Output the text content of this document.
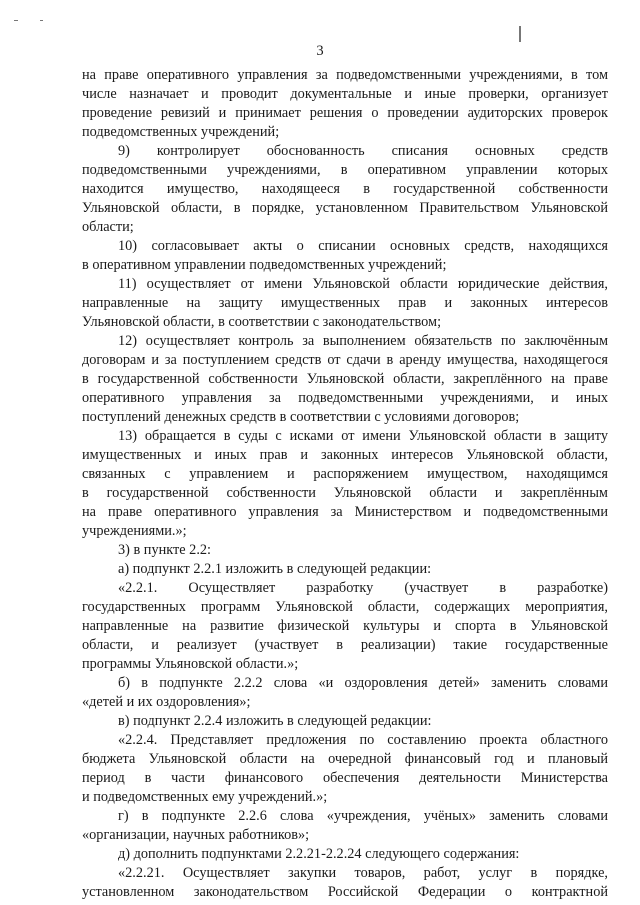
3
на праве оперативного управления за подведомственными учреждениями, в том
числе назначает и проводит документальные и иные проверки, организует
проведение ревизий и принимает решения о проведении аудиторских проверок
подведомственных учреждений;
9) контролирует обоснованность списания основных средств
подведомственными учреждениями, в оперативном управлении которых
находится имущество, находящееся в государственной собственности
Ульяновской области, в порядке, установленном Правительством Ульяновской
области;
10) согласовывает акты о списании основных средств, находящихся
в оперативном управлении подведомственных учреждений;
11) осуществляет от имени Ульяновской области юридические действия,
направленные на защиту имущественных прав и законных интересов
Ульяновской области, в соответствии с законодательством;
12) осуществляет контроль за выполнением обязательств по заключённым
договорам и за поступлением средств от сдачи в аренду имущества, находящегося
в государственной собственности Ульяновской области, закреплённого на праве
оперативного управления за подведомственными учреждениями, и иных
поступлений денежных средств в соответствии с условиями договоров;
13) обращается в суды с исками от имени Ульяновской области в защиту
имущественных и иных прав и законных интересов Ульяновской области,
связанных с управлением и распоряжением имуществом, находящимся
в государственной собственности Ульяновской области и закреплённым
на праве оперативного управления за Министерством и подведомственными
учреждениями.»;
3) в пункте 2.2:
а) подпункт 2.2.1 изложить в следующей редакции:
«2.2.1. Осуществляет разработку (участвует в разработке)
государственных программ Ульяновской области, содержащих мероприятия,
направленные на развитие физической культуры и спорта в Ульяновской
области, и реализует (участвует в реализации) такие государственные
программы Ульяновской области.»;
б) в подпункте 2.2.2 слова «и оздоровления детей» заменить словами
«детей и их оздоровления»;
в) подпункт 2.2.4 изложить в следующей редакции:
«2.2.4. Представляет предложения по составлению проекта областного
бюджета Ульяновской области на очередной финансовый год и плановый
период в части финансового обеспечения деятельности Министерства
и подведомственных ему учреждений.»;
г) в подпункте 2.2.6 слова «учреждения, учёных» заменить словами
«организации, научных работников»;
д) дополнить подпунктами 2.2.21-2.2.24 следующего содержания:
«2.2.21. Осуществляет закупки товаров, работ, услуг в порядке,
установленном законодательством Российской Федерации о контрактной
